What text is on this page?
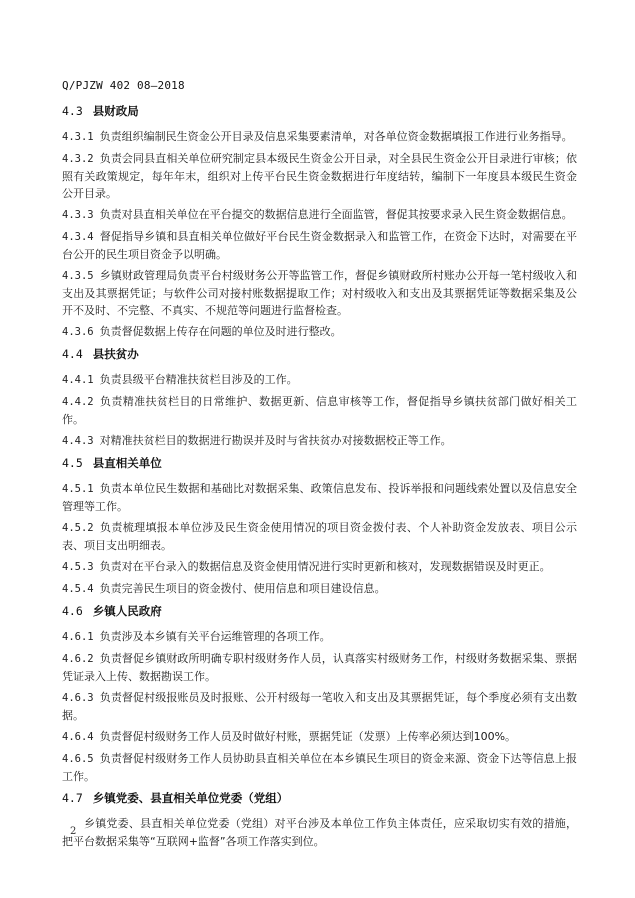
Q/PJZW 402 08—2018
4.3 县财政局
4.3.1 负责组织编制民生资金公开目录及信息采集要素清单，对各单位资金数据填报工作进行业务指导。
4.3.2 负责会同县直相关单位研究制定县本级民生资金公开目录，对全县民生资金公开目录进行审核；依照有关政策规定，每年年末，组织对上传平台民生资金数据进行年度结转，编制下一年度县本级民生资金公开目录。
4.3.3 负责对县直相关单位在平台提交的数据信息进行全面监管，督促其按要求录入民生资金数据信息。
4.3.4 督促指导乡镇和县直相关单位做好平台民生资金数据录入和监管工作，在资金下达时，对需要在平台公开的民生项目资金予以明确。
4.3.5 乡镇财政管理局负责平台村级财务公开等监管工作，督促乡镇财政所村账办公开每一笔村级收入和支出及其票据凭证；与软件公司对接村账数据提取工作；对村级收入和支出及其票据凭证等数据采集及公开不及时、不完整、不真实、不规范等问题进行监督检查。
4.3.6 负责督促数据上传存在问题的单位及时进行整改。
4.4 县扶贫办
4.4.1 负责县级平台精准扶贫栏目涉及的工作。
4.4.2 负责精准扶贫栏目的日常维护、数据更新、信息审核等工作，督促指导乡镇扶贫部门做好相关工作。
4.4.3 对精准扶贫栏目的数据进行勘误并及时与省扶贫办对接数据校正等工作。
4.5 县直相关单位
4.5.1 负责本单位民生数据和基础比对数据采集、政策信息发布、投诉举报和问题线索处置以及信息安全管理等工作。
4.5.2 负责梳理填报本单位涉及民生资金使用情况的项目资金拨付表、个人补助资金发放表、项目公示表、项目支出明细表。
4.5.3 负责对在平台录入的数据信息及资金使用情况进行实时更新和核对，发现数据错误及时更正。
4.5.4 负责完善民生项目的资金拨付、使用信息和项目建设信息。
4.6 乡镇人民政府
4.6.1 负责涉及本乡镇有关平台运维管理的各项工作。
4.6.2 负责督促乡镇财政所明确专职村级财务作人员，认真落实村级财务工作，村级财务数据采集、票据凭证录入上传、数据勘误工作。
4.6.3 负责督促村级报账员及时报账、公开村级每一笔收入和支出及其票据凭证，每个季度必须有支出数据。
4.6.4 负责督促村级财务工作人员及时做好村账，票据凭证（发票）上传率必须达到100%。
4.6.5 负责督促村级财务工作人员协助县直相关单位在本乡镇民生项目的资金来源、资金下达等信息上报工作。
4.7 乡镇党委、县直相关单位党委（党组）
乡镇党委、县直相关单位党委（党组）对平台涉及本单位工作负主体责任，应采取切实有效的措施，把平台数据采集等“互联网+监督”各项工作落实到位。
2
